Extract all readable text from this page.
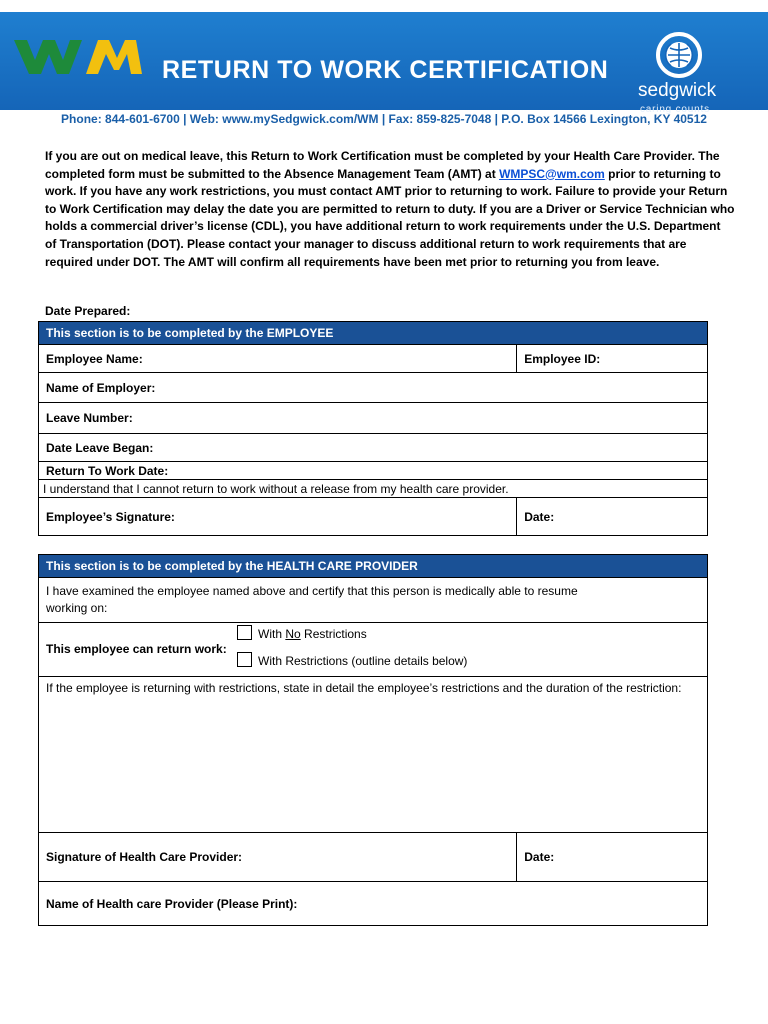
RETURN TO WORK CERTIFICATION
sedgwick
caring counts
Phone: 844-601-6700 | Web: www.mySedgwick.com/WM | Fax: 859-825-7048 | P.O. Box 14566 Lexington, KY 40512
If you are out on medical leave, this Return to Work Certification must be completed by your Health Care Provider. The completed form must be submitted to the Absence Management Team (AMT) at WMPSC@wm.com prior to returning to work. If you have any work restrictions, you must contact AMT prior to returning to work. Failure to provide your Return to Work Certification may delay the date you are permitted to return to duty. If you are a Driver or Service Technician who holds a commercial driver’s license (CDL), you have additional return to work requirements under the U.S. Department of Transportation (DOT). Please contact your manager to discuss additional return to work requirements that are required under DOT. The AMT will confirm all requirements have been met prior to returning you from leave.
Date Prepared:
This section is to be completed by the EMPLOYEE	
Employee Name:	Employee ID:
Name of Employer:	
Leave Number:	
Date Leave Began:	
Return To Work Date:	
I understand that I cannot return to work without a release from my health care provider.	
Employee’s Signature:	Date:
This section is to be completed by the HEALTH CARE PROVIDER
I have examined the employee named above and certify that this person is medically able to resume
working on:

This employee can return work:
With No Restrictions
With Restrictions (outline details below)

If the employee is returning with restrictions, state in detail the employee’s restrictions and the duration of the restriction:
Signature of Health Care Provider:	Date:
Name of Health care Provider (Please Print):
